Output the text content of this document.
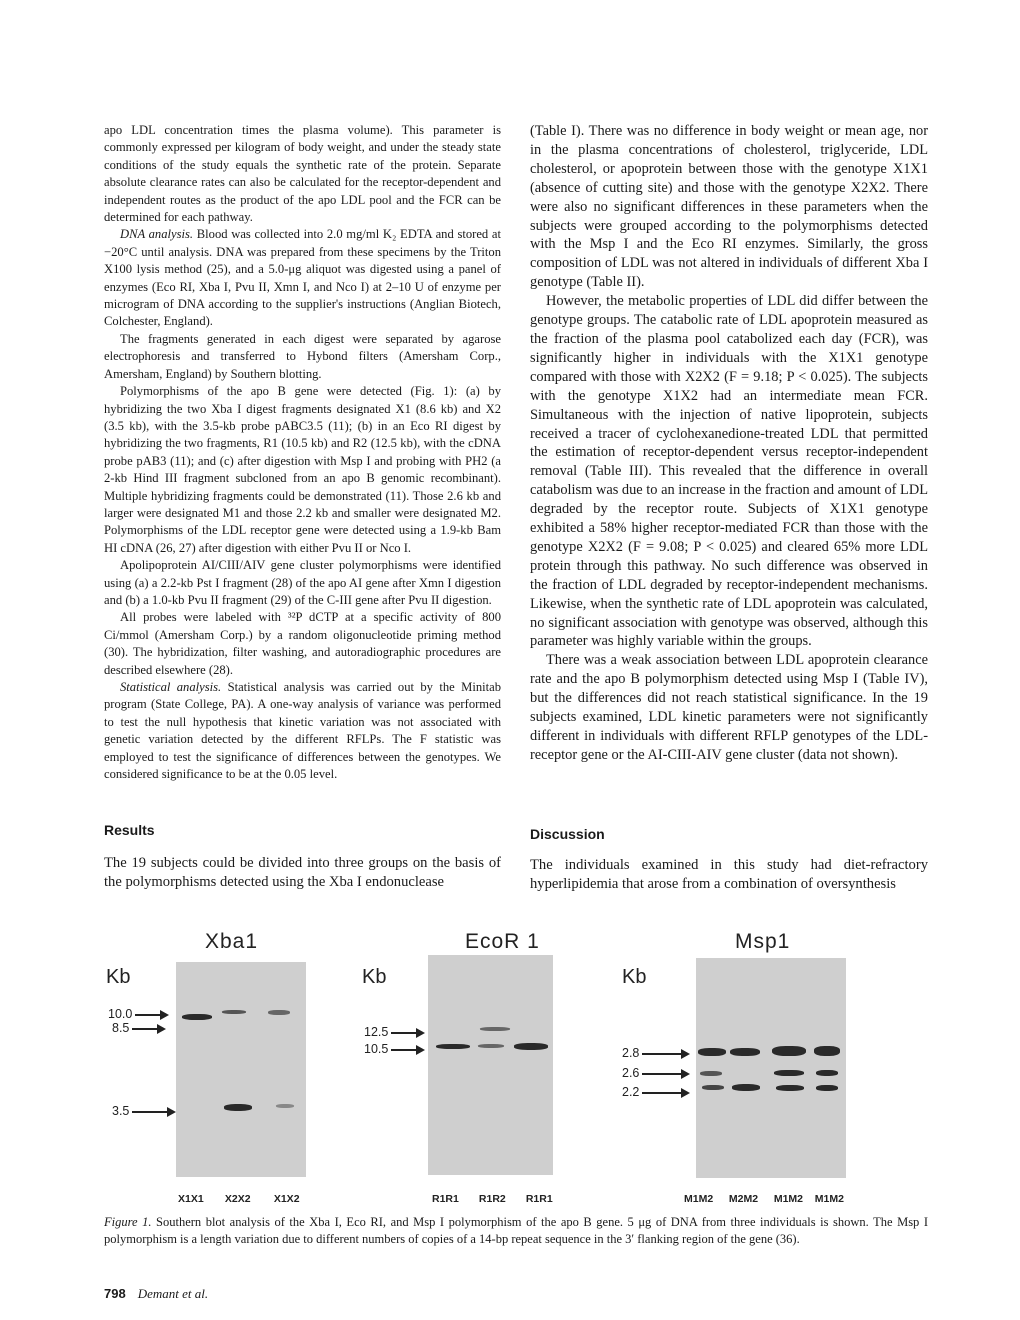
apo LDL concentration times the plasma volume). This parameter is commonly expressed per kilogram of body weight, and under the steady state conditions of the study equals the synthetic rate of the protein. Separate absolute clearance rates can also be calculated for the receptor-dependent and independent routes as the product of the apo LDL pool and the FCR can be determined for each pathway.

DNA analysis. Blood was collected into 2.0 mg/ml K₂ EDTA and stored at −20°C until analysis. DNA was prepared from these specimens by the Triton X100 lysis method (25), and a 5.0-μg aliquot was digested using a panel of enzymes (Eco RI, Xba I, Pvu II, Xmn I, and Nco I) at 2–10 U of enzyme per microgram of DNA according to the supplier's instructions (Anglian Biotech, Colchester, England).

The fragments generated in each digest were separated by agarose electrophoresis and transferred to Hybond filters (Amersham Corp., Amersham, England) by Southern blotting.

Polymorphisms of the apo B gene were detected (Fig. 1): (a) by hybridizing the two Xba I digest fragments designated X1 (8.6 kb) and X2 (3.5 kb), with the 3.5-kb probe pABC3.5 (11); (b) in an Eco RI digest by hybridizing the two fragments, R1 (10.5 kb) and R2 (12.5 kb), with the cDNA probe pAB3 (11); and (c) after digestion with Msp I and probing with PH2 (a 2-kb Hind III fragment subcloned from an apo B genomic recombinant). Multiple hybridizing fragments could be demonstrated (11). Those 2.6 kb and larger were designated M1 and those 2.2 kb and smaller were designated M2. Polymorphisms of the LDL receptor gene were detected using a 1.9-kb Bam HI cDNA (26, 27) after digestion with either Pvu II or Nco I.

Apolipoprotein AI/CIII/AIV gene cluster polymorphisms were identified using (a) a 2.2-kb Pst I fragment (28) of the apo AI gene after Xmn I digestion and (b) a 1.0-kb Pvu II fragment (29) of the C-III gene after Pvu II digestion.

All probes were labeled with ³²P dCTP at a specific activity of 800 Ci/mmol (Amersham Corp.) by a random oligonucleotide priming method (30). The hybridization, filter washing, and autoradiographic procedures are described elsewhere (28).

Statistical analysis. Statistical analysis was carried out by the Minitab program (State College, PA). A one-way analysis of variance was performed to test the null hypothesis that kinetic variation was not associated with genetic variation detected by the different RFLPs. The F statistic was employed to test the significance of differences between the genotypes. We considered significance to be at the 0.05 level.

Results
The 19 subjects could be divided into three groups on the basis of the polymorphisms detected using the Xba I endonuclease

(Table I). There was no difference in body weight or mean age, nor in the plasma concentrations of cholesterol, triglyceride, LDL cholesterol, or apoprotein between those with the genotype X1X1 (absence of cutting site) and those with the genotype X2X2. There were also no significant differences in these parameters when the subjects were grouped according to the polymorphisms detected with the Msp I and the Eco RI enzymes. Similarly, the gross composition of LDL was not altered in individuals of different Xba I genotype (Table II).

However, the metabolic properties of LDL did differ between the genotype groups. The catabolic rate of LDL apoprotein measured as the fraction of the plasma pool catabolized each day (FCR), was significantly higher in individuals with the X1X1 genotype compared with those with X2X2 (F = 9.18; P < 0.025). The subjects with the genotype X1X2 had an intermediate mean FCR. Simultaneous with the injection of native lipoprotein, subjects received a tracer of cyclohexanedione-treated LDL that permitted the estimation of receptor-dependent versus receptor-independent removal (Table III). This revealed that the difference in overall catabolism was due to an increase in the fraction and amount of LDL degraded by the receptor route. Subjects of X1X1 genotype exhibited a 58% higher receptor-mediated FCR than those with the genotype X2X2 (F = 9.08; P < 0.025) and cleared 65% more LDL protein through this pathway. No such difference was observed in the fraction of LDL degraded by receptor-independent mechanisms. Likewise, when the synthetic rate of LDL apoprotein was calculated, no significant association with genotype was observed, although this parameter was highly variable within the groups.

There was a weak association between LDL apoprotein clearance rate and the apo B polymorphism detected using Msp I (Table IV), but the differences did not reach statistical significance. In the 19 subjects examined, LDL kinetic parameters were not significantly different in individuals with different RFLP genotypes of the LDL-receptor gene or the AI-CIII-AIV gene cluster (data not shown).

Discussion
The individuals examined in this study had diet-refractory hyperlipidemia that arose from a combination of oversynthesis
Xba1
Kb
10.0
8.5
3.5
X1X1 X2X2 X1X2
EcoR 1
Kb
12.5
10.5
R1R1 R1R2 R1R1
Msp1
Kb
2.8
2.6
2.2
M1M2 M2M2 M1M2 M1M2
Figure 1. Southern blot analysis of the Xba I, Eco RI, and Msp I polymorphism of the apo B gene. 5 μg of DNA from three individuals is shown. The Msp I polymorphism is a length variation due to different numbers of copies of a 14-bp repeat sequence in the 3′ flanking region of the gene (36).
798 Demant et al.
